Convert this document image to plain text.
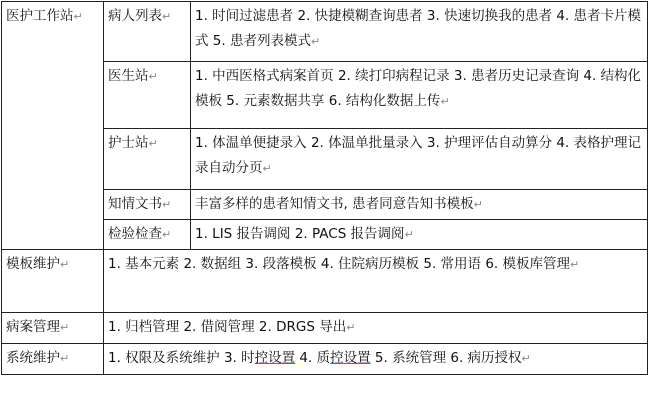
医护工作站↵	病人列表↵	1. 时间过滤患者 2. 快捷模糊查询患者 3. 快速切换我的患者 4. 患者卡片模式 5. 患者列表模式↵
	医生站↵	1. 中西医格式病案首页 2. 续打印病程记录 3. 患者历史记录查询 4. 结构化模板 5. 元素数据共享 6. 结构化数据上传↵
	护士站↵	1. 体温单便捷录入 2. 体温单批量录入 3. 护理评估自动算分 4. 表格护理记录自动分页↵
	知情文书↵	丰富多样的患者知情文书, 患者同意告知书模板↵
	检验检查↵	1. LIS 报告调阅 2. PACS 报告调阅↵
模板维护↵	1. 基本元素 2. 数据组 3. 段落模板 4. 住院病历模板 5. 常用语 6. 模板库管理↵	
病案管理↵	1. 归档管理 2. 借阅管理 2. DRGS 导出↵	
系统维护↵	1. 权限及系统维护 3. 时控设置 4. 质控设置 5. 系统管理 6. 病历授权↵	
